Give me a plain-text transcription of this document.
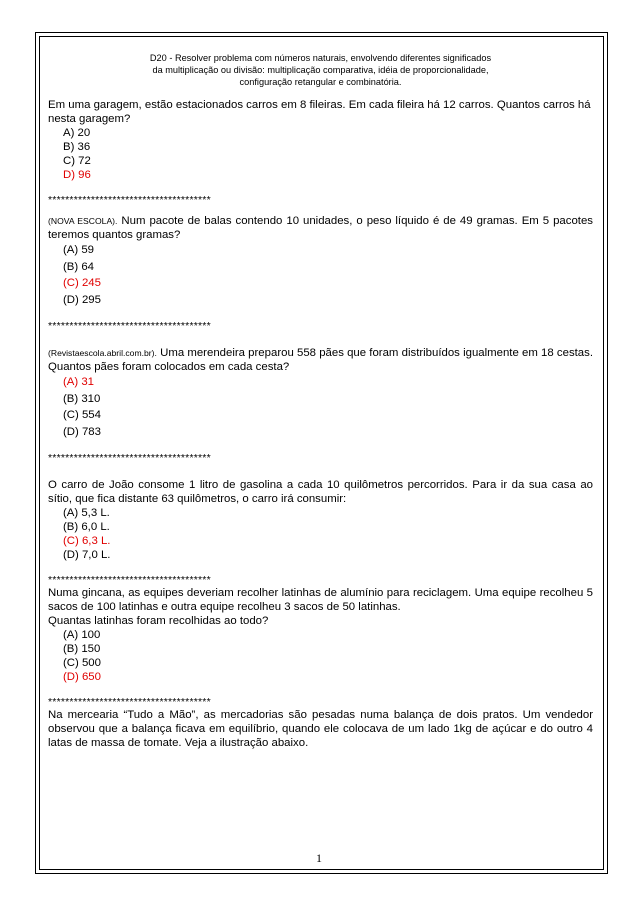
D20 - Resolver problema com números naturais, envolvendo diferentes significados
da multiplicação ou divisão: multiplicação comparativa, idéia de proporcionalidade,
configuração retangular e combinatória.
Em uma garagem, estão estacionados carros em 8 fileiras. Em cada fileira há 12 carros. Quantos carros há nesta garagem?
A) 20
B) 36
C) 72
D) 96
**************************************
(NOVA ESCOLA). Num pacote de balas contendo 10 unidades, o peso líquido é de 49 gramas. Em 5 pacotes teremos quantos gramas?
(A) 59
(B) 64
(C) 245
(D) 295
**************************************
(Revistaescola.abril.com.br). Uma merendeira preparou 558 pães que foram distribuídos igualmente em 18 cestas. Quantos pães foram colocados em cada cesta?
(A) 31
(B) 310
(C) 554
(D) 783
**************************************
O carro de João consome 1 litro de gasolina a cada 10 quilômetros percorridos. Para ir da sua casa ao sítio, que fica distante 63 quilômetros, o carro irá consumir:
(A) 5,3 L.
(B) 6,0 L.
(C) 6,3 L.
(D) 7,0 L.
**************************************
Numa gincana, as equipes deveriam recolher latinhas de alumínio para reciclagem. Uma equipe recolheu 5 sacos de 100 latinhas e outra equipe recolheu 3 sacos de 50 latinhas.
Quantas latinhas foram recolhidas ao todo?
(A) 100
(B) 150
(C) 500
(D) 650
**************************************
Na mercearia “Tudo a Mão”, as mercadorias são pesadas numa balança de dois pratos. Um vendedor observou que a balança ficava em equilíbrio, quando ele colocava de um lado 1kg de açúcar e do outro 4 latas de massa de tomate. Veja a ilustração abaixo.
1
